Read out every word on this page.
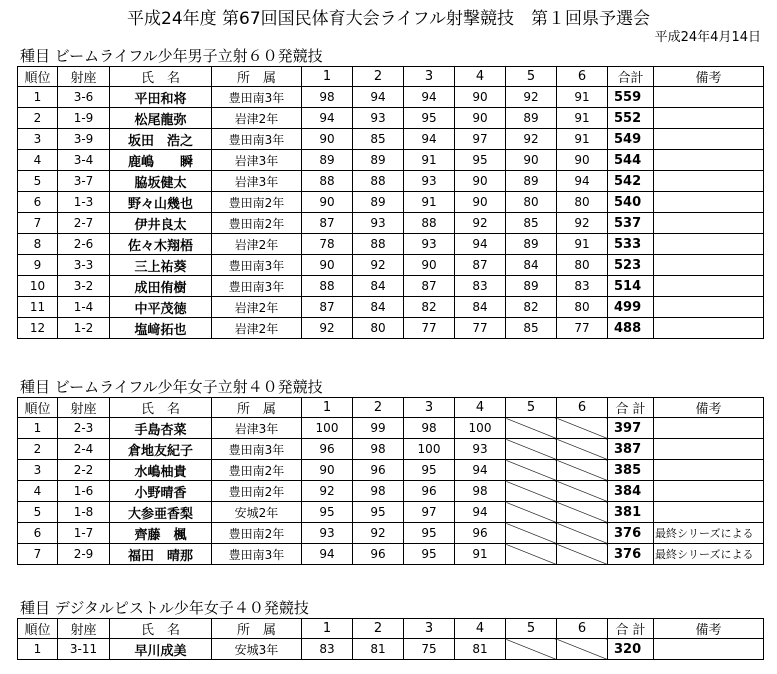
平成24年度 第67回国民体育大会ライフル射撃競技　第１回県予選会
平成24年4月14日
種目 ビームライフル少年男子立射６０発競技
順位	射座	氏　名	所　属	1	2	3	4	5	6	合計	備考
1	3-6	平田和将	豊田南3年	98	94	94	90	92	91	559	
2	1-9	松尾龍弥	岩津2年	94	93	95	90	89	91	552	
3	3-9	坂田　浩之	豊田南3年	90	85	94	97	92	91	549	
4	3-4	鹿嶋　　瞬	岩津3年	89	89	91	95	90	90	544	
5	3-7	脇坂健太	岩津3年	88	88	93	90	89	94	542	
6	1-3	野々山幾也	豊田南2年	90	89	91	90	80	80	540	
7	2-7	伊井良太	豊田南2年	87	93	88	92	85	92	537	
8	2-6	佐々木翔梧	岩津2年	78	88	93	94	89	91	533	
9	3-3	三上祐葵	豊田南3年	90	92	90	87	84	80	523	
10	3-2	成田侑樹	豊田南3年	88	84	87	83	89	83	514	
11	1-4	中平茂徳	岩津2年	87	84	82	84	82	80	499	
12	1-2	塩﨑拓也	岩津2年	92	80	77	77	85	77	488	
種目 ビームライフル少年女子立射４０発競技
順位	射座	氏　名	所　属	1	2	3	4	5	6	合 計	備考
1	2-3	手島杏菜	岩津3年	100	99	98	100			397	
2	2-4	倉地友紀子	豊田南3年	96	98	100	93			387	
3	2-2	水嶋柚貴	豊田南2年	90	96	95	94			385	
4	1-6	小野晴香	豊田南2年	92	98	96	98			384	
5	1-8	大参亜香梨	安城2年	95	95	97	94			381	
6	1-7	齊藤　楓	豊田南2年	93	92	95	96			376	最終シリーズによる
7	2-9	福田　晴那	豊田南3年	94	96	95	91			376	最終シリーズによる
種目 デジタルピストル少年女子４０発競技
順位	射座	氏　名	所　属	1	2	3	4	5	6	合 計	備考
1	3-11	早川成美	安城3年	83	81	75	81			320	
